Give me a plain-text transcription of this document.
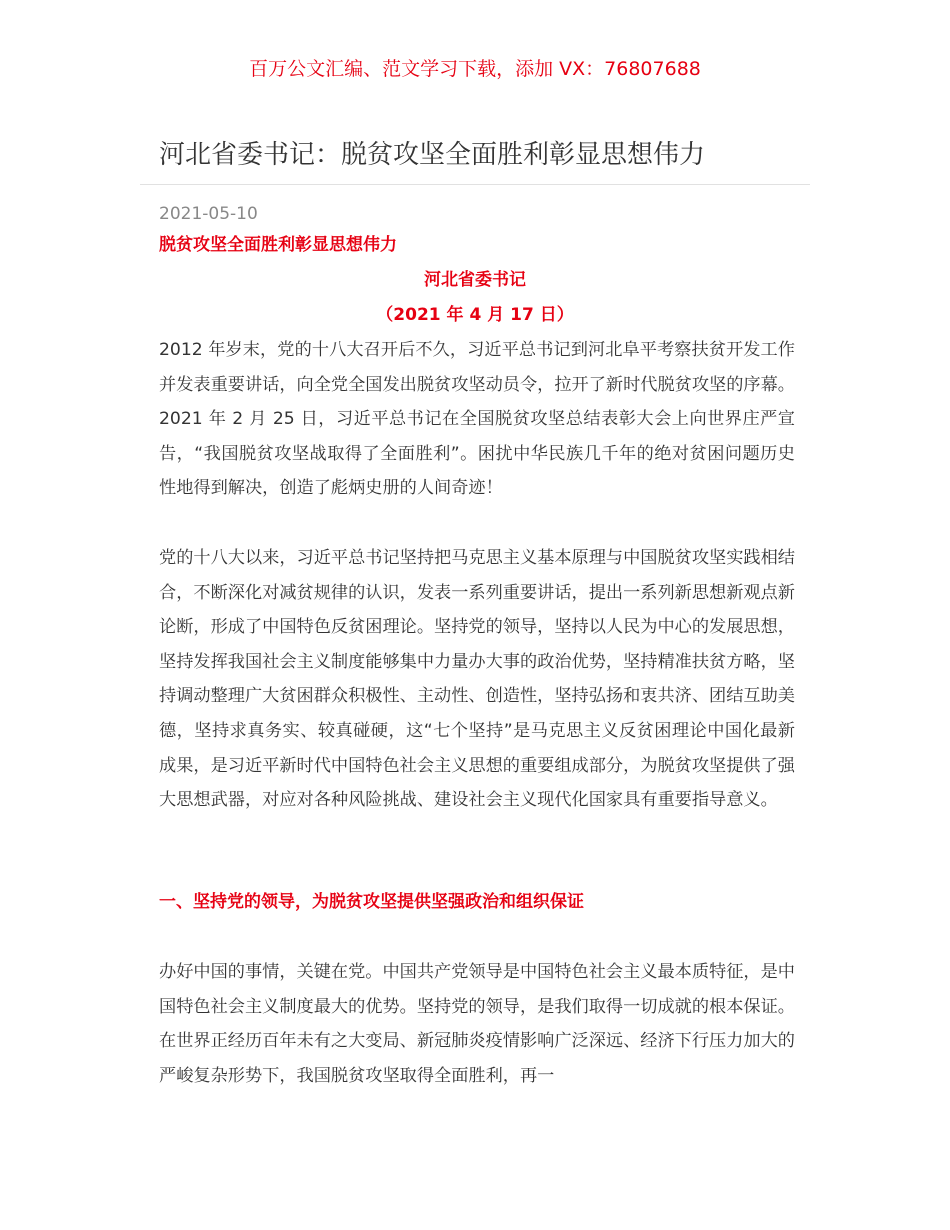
百万公文汇编、范文学习下载，添加 VX：76807688
河北省委书记：脱贫攻坚全面胜利彰显思想伟力
2021-05-10
脱贫攻坚全面胜利彰显思想伟力
河北省委书记
（2021 年 4 月 17 日）

2012 年岁末，党的十八大召开后不久，习近平总书记到河北阜平考察扶贫开发工作并发表重要讲话，向全党全国发出脱贫攻坚动员令，拉开了新时代脱贫攻坚的序幕。2021 年 2 月 25 日，习近平总书记在全国脱贫攻坚总结表彰大会上向世界庄严宣告，“我国脱贫攻坚战取得了全面胜利”。困扰中华民族几千年的绝对贫困问题历史性地得到解决，创造了彪炳史册的人间奇迹！

党的十八大以来，习近平总书记坚持把马克思主义基本原理与中国脱贫攻坚实践相结合，不断深化对减贫规律的认识，发表一系列重要讲话，提出一系列新思想新观点新论断，形成了中国特色反贫困理论。坚持党的领导，坚持以人民为中心的发展思想，坚持发挥我国社会主义制度能够集中力量办大事的政治优势，坚持精准扶贫方略，坚持调动整理广大贫困群众积极性、主动性、创造性，坚持弘扬和衷共济、团结互助美德，坚持求真务实、较真碰硬，这“七个坚持”是马克思主义反贫困理论中国化最新成果，是习近平新时代中国特色社会主义思想的重要组成部分，为脱贫攻坚提供了强大思想武器，对应对各种风险挑战、建设社会主义现代化国家具有重要指导意义。

一、坚持党的领导，为脱贫攻坚提供坚强政治和组织保证

办好中国的事情，关键在党。中国共产党领导是中国特色社会主义最本质特征，是中国特色社会主义制度最大的优势。坚持党的领导，是我们取得一切成就的根本保证。在世界正经历百年未有之大变局、新冠肺炎疫情影响广泛深远、经济下行压力加大的严峻复杂形势下，我国脱贫攻坚取得全面胜利，再一
